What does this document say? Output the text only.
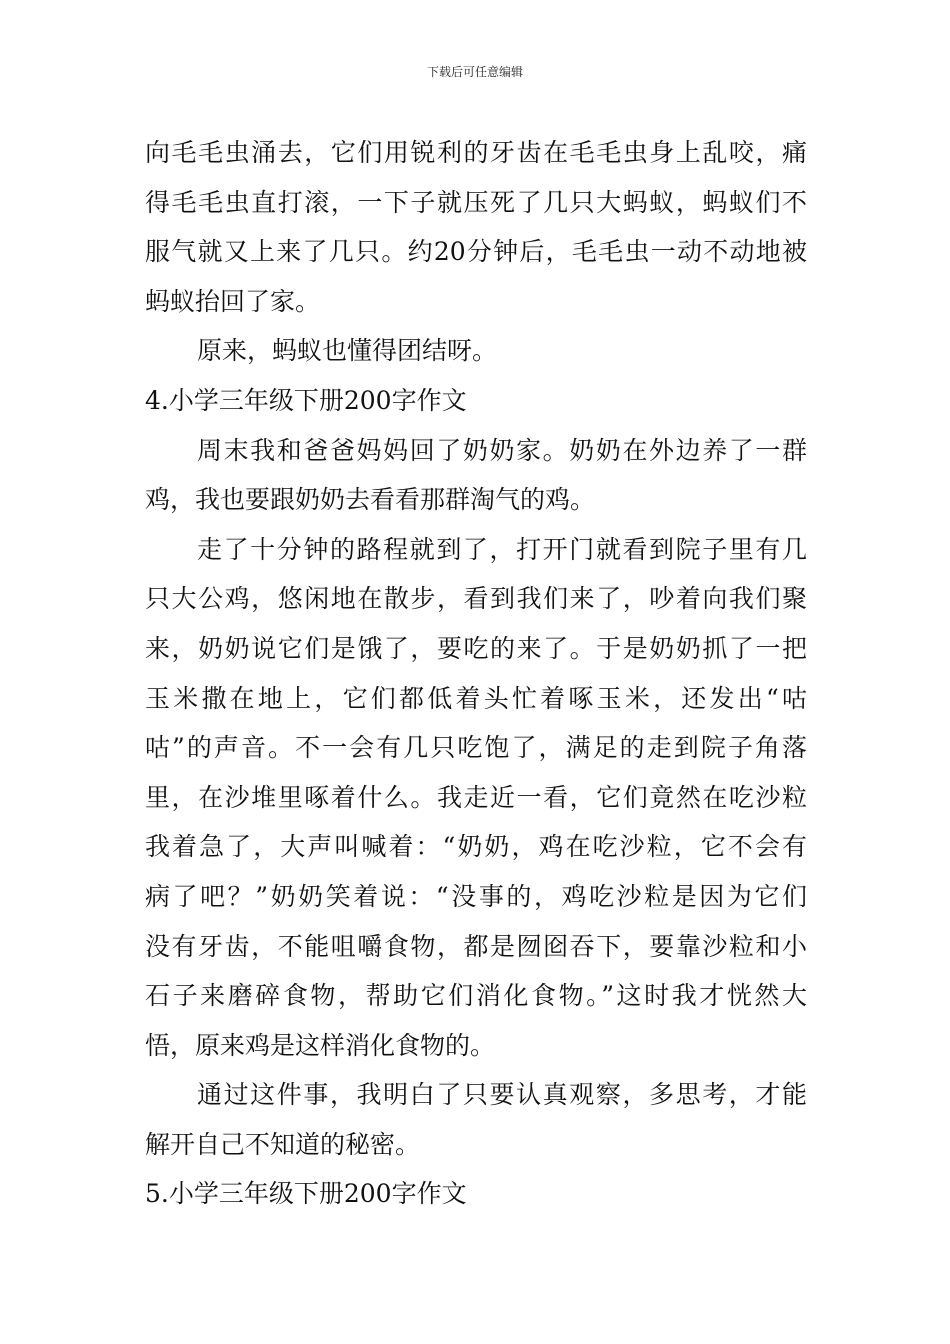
下载后可任意编辑
向毛毛虫涌去，它们用锐利的牙齿在毛毛虫身上乱咬，痛
得毛毛虫直打滚，一下子就压死了几只大蚂蚁，蚂蚁们不
服气就又上来了几只。约20分钟后，毛毛虫一动不动地被
蚂蚁抬回了家。
原来，蚂蚁也懂得团结呀。
4.小学三年级下册200字作文
周末我和爸爸妈妈回了奶奶家。奶奶在外边养了一群
鸡，我也要跟奶奶去看看那群淘气的鸡。
走了十分钟的路程就到了，打开门就看到院子里有几
只大公鸡，悠闲地在散步，看到我们来了，吵着向我们聚
来，奶奶说它们是饿了，要吃的来了。于是奶奶抓了一把
玉米撒在地上，它们都低着头忙着啄玉米，还发出“咕
咕”的声音。不一会有几只吃饱了，满足的走到院子角落
里，在沙堆里啄着什么。我走近一看，它们竟然在吃沙粒
我着急了，大声叫喊着：“奶奶，鸡在吃沙粒，它不会有
病了吧？”奶奶笑着说：“没事的，鸡吃沙粒是因为它们
没有牙齿，不能咀嚼食物，都是囫囵吞下，要靠沙粒和小
石子来磨碎食物，帮助它们消化食物。”这时我才恍然大
悟，原来鸡是这样消化食物的。
通过这件事，我明白了只要认真观察，多思考，才能
解开自己不知道的秘密。
5.小学三年级下册200字作文
